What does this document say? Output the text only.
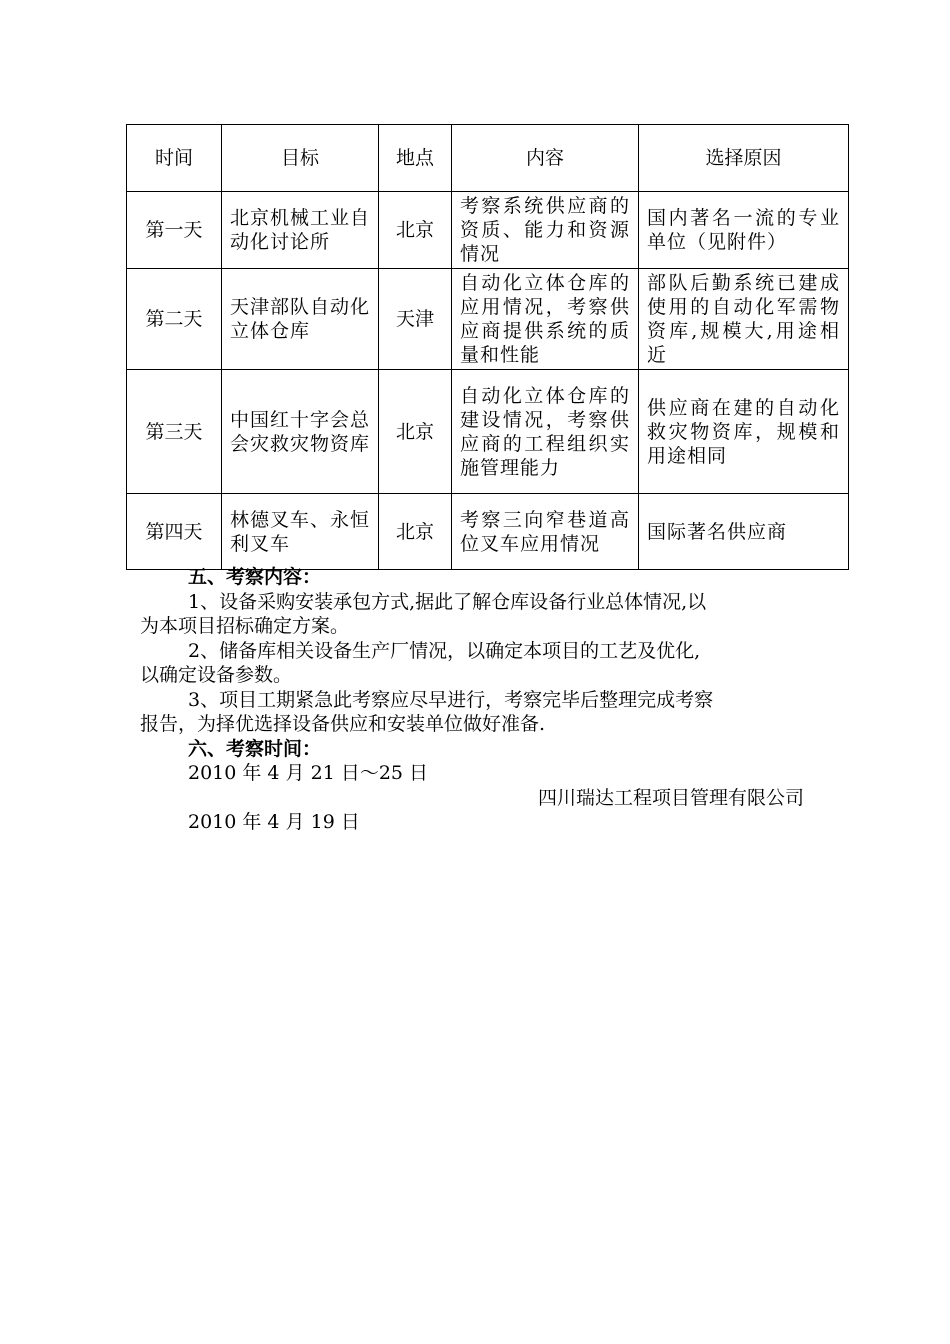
时间	目标	地点	内容	选择原因
第一天	北京机械工业自动化讨论所	北京	考察系统供应商的资质、能力和资源情况	国内著名一流的专业单位（见附件）
第二天	天津部队自动化立体仓库	天津	自动化立体仓库的应用情况，考察供应商提供系统的质量和性能	部队后勤系统已建成使用的自动化军需物资库,规模大,用途相近
第三天	中国红十字会总会灾救灾物资库	北京	自动化立体仓库的建设情况，考察供应商的工程组织实施管理能力	供应商在建的自动化救灾物资库，规模和用途相同
第四天	林德叉车、永恒利叉车	北京	考察三向窄巷道高位叉车应用情况	国际著名供应商
五、考察内容：
1、设备采购安装承包方式,据此了解仓库设备行业总体情况,以
为本项目招标确定方案。
2、储备库相关设备生产厂情况，以确定本项目的工艺及优化,
以确定设备参数。
3、项目工期紧急此考察应尽早进行，考察完毕后整理完成考察
报告，为择优选择设备供应和安装单位做好准备.
六、考察时间：
2010 年 4 月 21 日～25 日
四川瑞达工程项目管理有限公司
2010 年 4 月 19 日
